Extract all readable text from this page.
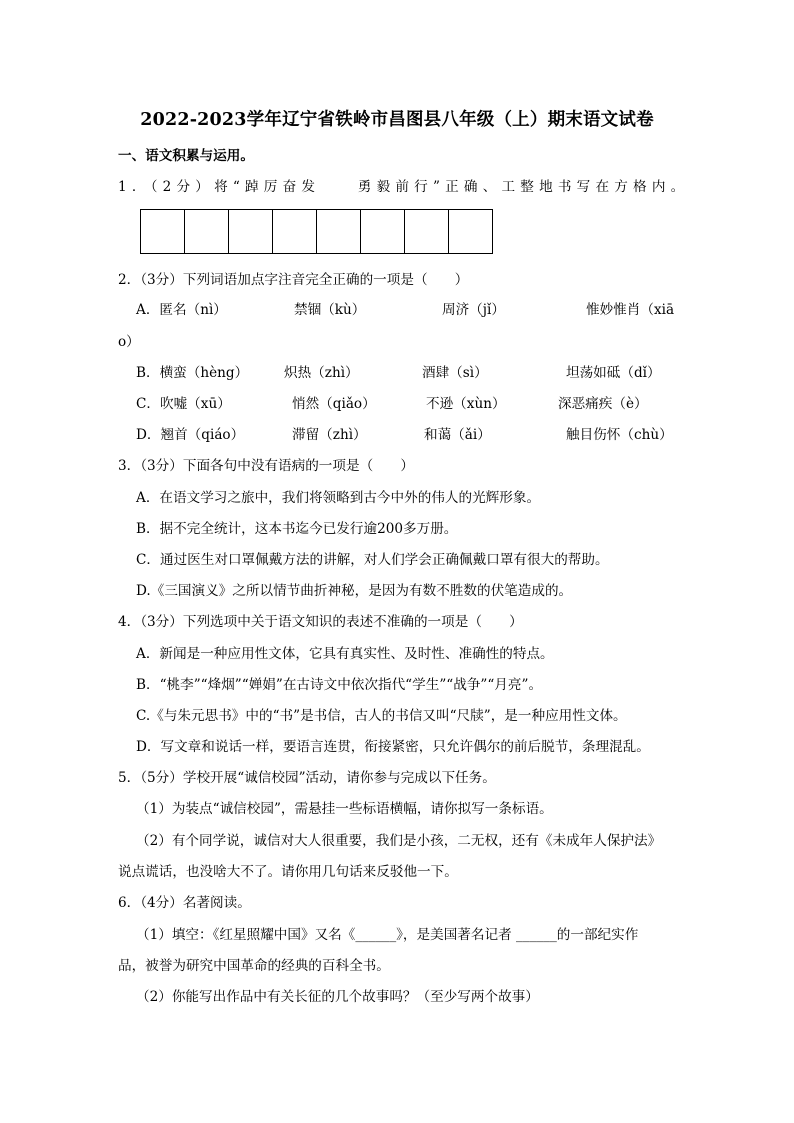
2022-2023学年辽宁省铁岭市昌图县八年级（上）期末语文试卷
一、语文积累与运用。
1．（2分）将“踔厉奋发　　勇毅前行”正确、工整地书写在方格内。
2．（3分）下列词语加点字注音完全正确的一项是（　　）
A．匿名（nì）	禁锢（kù）	周济（jǐ）	惟妙惟肖（xiā
o）
B．横蛮（hèng）	炽热（zhì）	酒肆（sì）	坦荡如砥（dǐ）
C．吹嘘（xū）	悄然（qiǎo）	不逊（xùn）	深恶痛疾（è）
D．翘首（qiáo）	滞留（zhì）	和蔼（ǎi）	触目伤怀（chù）
3．（3分）下面各句中没有语病的一项是（　　）
A．在语文学习之旅中，我们将领略到古今中外的伟人的光辉形象。
B．据不完全统计，这本书迄今已发行逾200多万册。
C．通过医生对口罩佩戴方法的讲解，对人们学会正确佩戴口罩有很大的帮助。
D.《三国演义》之所以情节曲折神秘，是因为有数不胜数的伏笔造成的。
4．（3分）下列选项中关于语文知识的表述不准确的一项是（　　）
A．新闻是一种应用性文体，它具有真实性、及时性、准确性的特点。
B．“桃李”“烽烟”“婵娟”在古诗文中依次指代“学生”“战争”“月亮”。
C.《与朱元思书》中的“书”是书信，古人的书信又叫“尺牍”，是一种应用性文体。
D．写文章和说话一样，要语言连贯，衔接紧密，只允许偶尔的前后脱节，条理混乱。
5．（5分）学校开展“诚信校园”活动，请你参与完成以下任务。
（1）为装点“诚信校园”，需悬挂一些标语横幅，请你拟写一条标语。
（2）有个同学说，诚信对大人很重要，我们是小孩，二无权，还有《未成年人保护法》
说点谎话，也没啥大不了。请你用几句话来反驳他一下。
6．（4分）名著阅读。
（1）填空：《红星照耀中国》又名《______》，是美国著名记者 ______的一部纪实作
品，被誉为研究中国革命的经典的百科全书。
（2）你能写出作品中有关长征的几个故事吗？（至少写两个故事）
